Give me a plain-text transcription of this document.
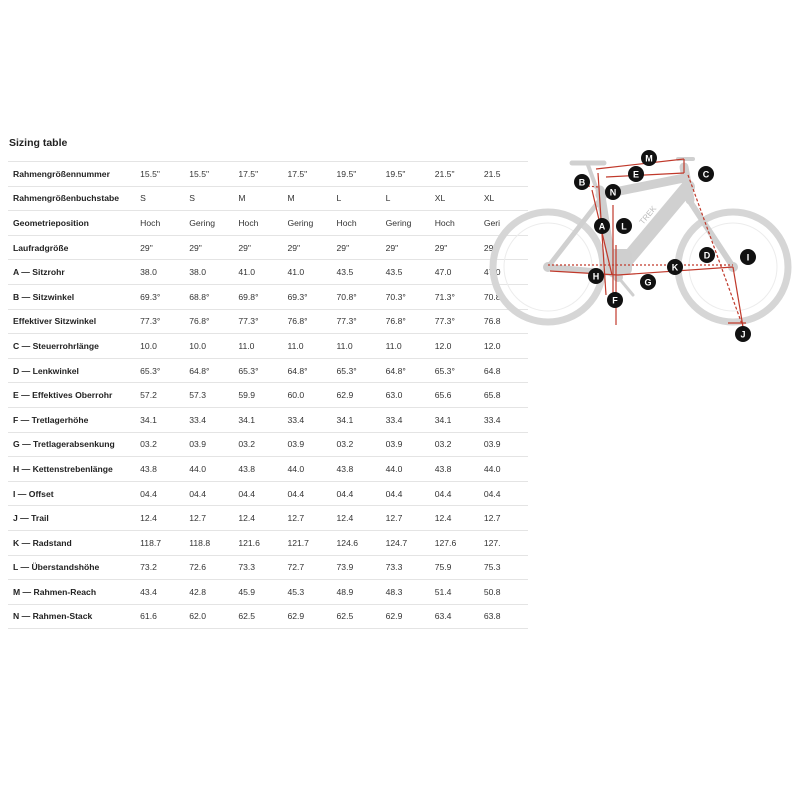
Sizing table
Rahmengrößennummer	15.5"	15.5"	17.5"	17.5"	19.5"	19.5"	21.5"	21.5
Rahmengrößenbuchstabe	S	S	M	M	L	L	XL	XL
Geometrieposition	Hoch	Gering	Hoch	Gering	Hoch	Gering	Hoch	Geri
Laufradgröße	29"	29"	29"	29"	29"	29"	29"	29"
A — Sitzrohr	38.0	38.0	41.0	41.0	43.5	43.5	47.0	47.0
B — Sitzwinkel	69.3°	68.8°	69.8°	69.3°	70.8°	70.3°	71.3°	70.8
Effektiver Sitzwinkel	77.3°	76.8°	77.3°	76.8°	77.3°	76.8°	77.3°	76.8
C — Steuerrohrlänge	10.0	10.0	11.0	11.0	11.0	11.0	12.0	12.0
D — Lenkwinkel	65.3°	64.8°	65.3°	64.8°	65.3°	64.8°	65.3°	64.8
E — Effektives Oberrohr	57.2	57.3	59.9	60.0	62.9	63.0	65.6	65.8
F — Tretlagerhöhe	34.1	33.4	34.1	33.4	34.1	33.4	34.1	33.4
G — Tretlagerabsenkung	03.2	03.9	03.2	03.9	03.2	03.9	03.2	03.9
H — Kettenstrebenlänge	43.8	44.0	43.8	44.0	43.8	44.0	43.8	44.0
I — Offset	04.4	04.4	04.4	04.4	04.4	04.4	04.4	04.4
J — Trail	12.4	12.7	12.4	12.7	12.4	12.7	12.4	12.7
K — Radstand	118.7	118.8	121.6	121.7	124.6	124.7	127.6	127.
L — Überstandshöhe	73.2	72.6	73.3	72.7	73.9	73.3	75.9	75.3
M — Rahmen-Reach	43.4	42.8	45.9	45.3	48.9	48.3	51.4	50.8
N — Rahmen-Stack	61.6	62.0	62.5	62.9	62.5	62.9	63.4	63.8
TREK
M
E	C
B
N
A L
D	I
H
G
K
F
J
